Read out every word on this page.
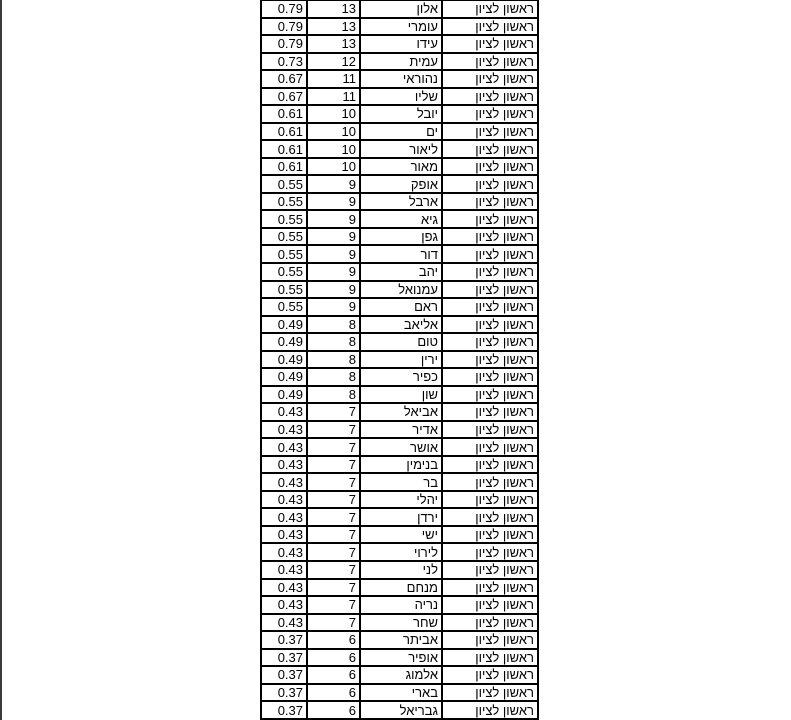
0.79	13	אלון	ראשון לציון
0.79	13	עומרי	ראשון לציון
0.79	13	עידו	ראשון לציון
0.73	12	עמית	ראשון לציון
0.67	11	נהוראי	ראשון לציון
0.67	11	שליו	ראשון לציון
0.61	10	יובל	ראשון לציון
0.61	10	ים	ראשון לציון
0.61	10	ליאור	ראשון לציון
0.61	10	מאור	ראשון לציון
0.55	9	אופק	ראשון לציון
0.55	9	ארבל	ראשון לציון
0.55	9	גיא	ראשון לציון
0.55	9	גפן	ראשון לציון
0.55	9	דור	ראשון לציון
0.55	9	יהב	ראשון לציון
0.55	9	עמנואל	ראשון לציון
0.55	9	ראם	ראשון לציון
0.49	8	אליאב	ראשון לציון
0.49	8	טום	ראשון לציון
0.49	8	ירין	ראשון לציון
0.49	8	כפיר	ראשון לציון
0.49	8	שון	ראשון לציון
0.43	7	אביאל	ראשון לציון
0.43	7	אדיר	ראשון לציון
0.43	7	אושר	ראשון לציון
0.43	7	בנימין	ראשון לציון
0.43	7	בר	ראשון לציון
0.43	7	יהלי	ראשון לציון
0.43	7	ירדן	ראשון לציון
0.43	7	ישי	ראשון לציון
0.43	7	לירוי	ראשון לציון
0.43	7	לני	ראשון לציון
0.43	7	מנחם	ראשון לציון
0.43	7	נריה	ראשון לציון
0.43	7	שחר	ראשון לציון
0.37	6	אביתר	ראשון לציון
0.37	6	אופיר	ראשון לציון
0.37	6	אלמוג	ראשון לציון
0.37	6	בארי	ראשון לציון
0.37	6	גבריאל	ראשון לציון
